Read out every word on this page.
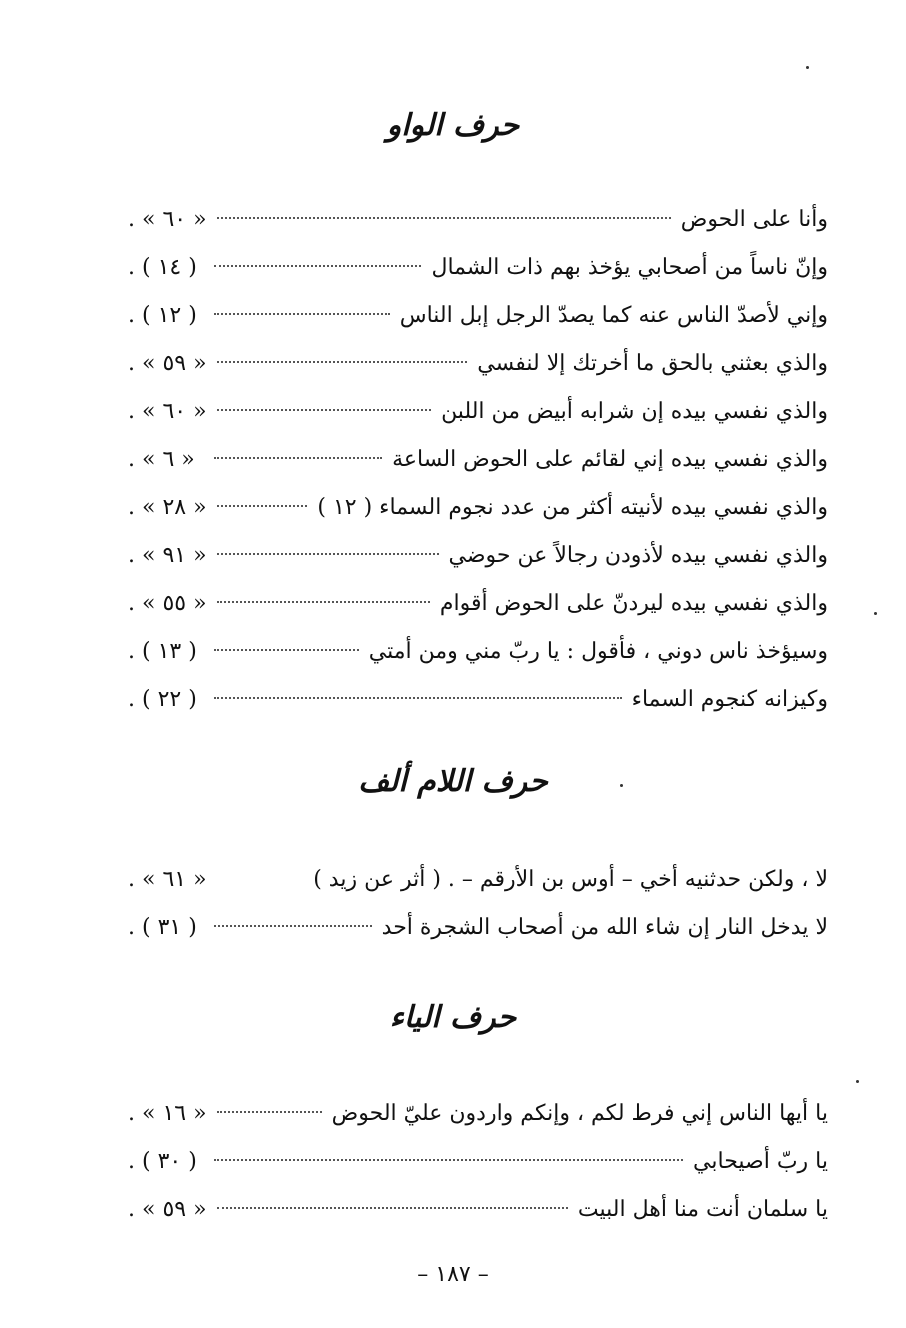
حرف الواو
وأنا على الحوض
« ٦٠ » .
وإنّ ناساً من أصحابي يؤخذ بهم ذات الشمال
( ١٤ ) .
وإني لأصدّ الناس عنه كما يصدّ الرجل إبل الناس
( ١٢ ) .
والذي بعثني بالحق ما أخرتك إلا لنفسي
« ٥٩ » .
والذي نفسي بيده إن شرابه أبيض من اللبن
« ٦٠ » .
والذي نفسي بيده إني لقائم على الحوض الساعة
« ٦ » .
والذي نفسي بيده لأنيته أكثر من عدد نجوم السماء ( ١٢ )
« ٢٨ » .
والذي نفسي بيده لأذودن رجالاً عن حوضي
« ٩١ » .
والذي نفسي بيده ليردنّ على الحوض أقوام
« ٥٥ » .
وسيؤخذ ناس دوني ، فأقول : يا ربّ مني ومن أمتي
( ١٣ ) .
وكيزانه كنجوم السماء
( ٢٢ ) .
حرف اللام ألف
لا ، ولكن حدثنيه أخي – أوس بن الأرقم – . ( أثر عن زيد )
« ٦١ » .
لا يدخل النار إن شاء الله من أصحاب الشجرة أحد
( ٣١ ) .
حرف الياء
يا أيها الناس إني فرط لكم ، وإنكم واردون عليّ الحوض
« ١٦ » .
يا ربّ أصيحابي
( ٣٠ ) .
يا سلمان أنت منا أهل البيت
« ٥٩ » .
– ١٨٧ –
